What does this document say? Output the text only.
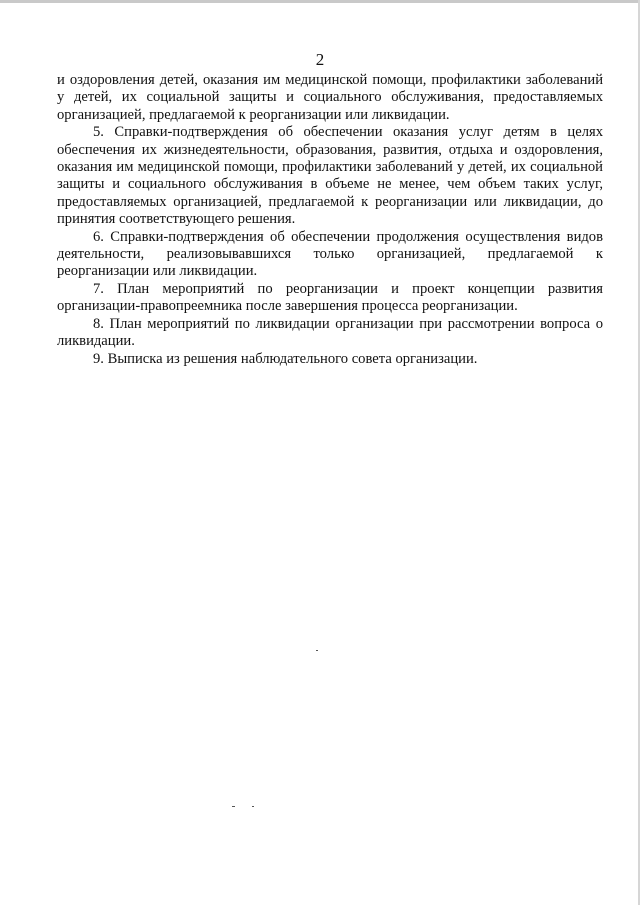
2

и оздоровления детей, оказания им медицинской помощи, профилактики заболеваний у детей, их социальной защиты и социального обслуживания, предоставляемых организацией, предлагаемой к реорганизации или ликвидации.

5. Справки-подтверждения об обеспечении оказания услуг детям в целях обеспечения их жизнедеятельности, образования, развития, отдыха и оздоровления, оказания им медицинской помощи, профилактики заболеваний у детей, их социальной защиты и социального обслуживания в объеме не менее, чем объем таких услуг, предоставляемых организацией, предлагаемой к реорганизации или ликвидации, до принятия соответствующего решения.

6. Справки-подтверждения об обеспечении продолжения осуществления видов деятельности, реализовывавшихся только организацией, предлагаемой к реорганизации или ликвидации.

7. План мероприятий по реорганизации и проект концепции развития организации-правопреемника после завершения процесса реорганизации.

8. План мероприятий по ликвидации организации при рассмотрении вопроса о ликвидации.

9. Выписка из решения наблюдательного совета организации.
